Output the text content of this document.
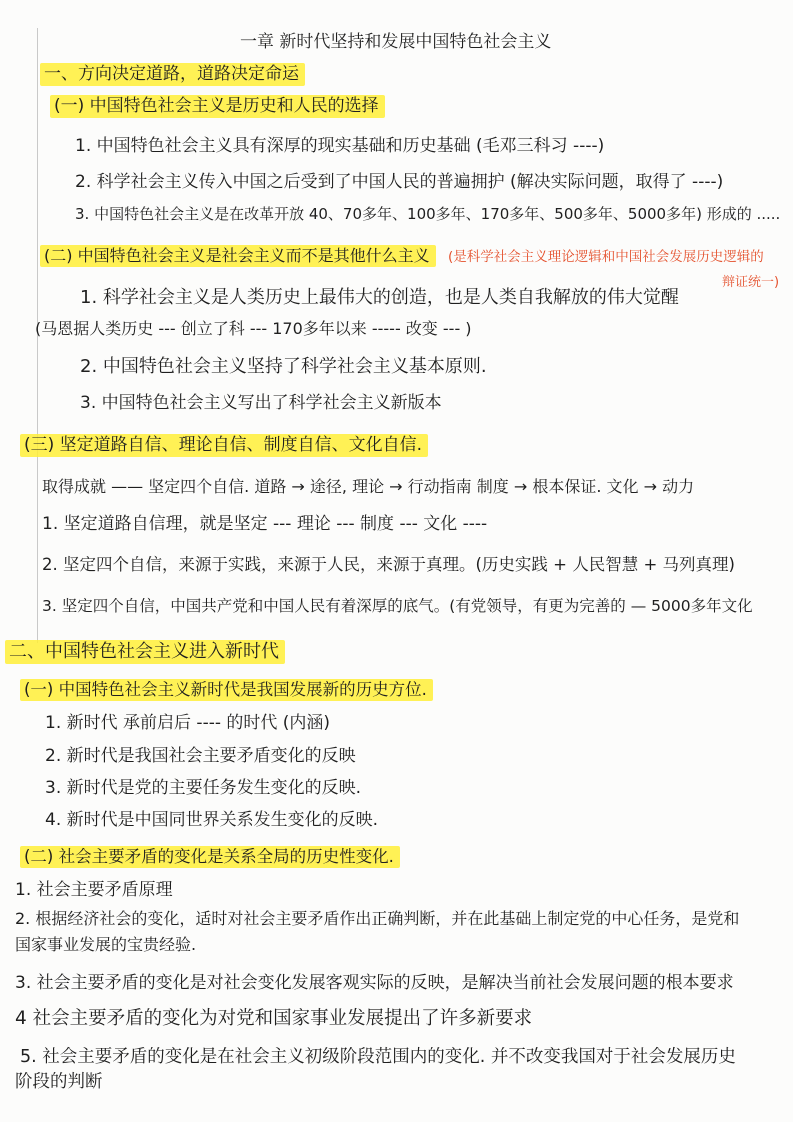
一章 新时代坚持和发展中国特色社会主义
一、方向决定道路，道路决定命运
(一) 中国特色社会主义是历史和人民的选择
1. 中国特色社会主义具有深厚的现实基础和历史基础 (毛邓三科习 ----)
2. 科学社会主义传入中国之后受到了中国人民的普遍拥护 (解决实际问题，取得了 ----)
3. 中国特色社会主义是在改革开放 40、70多年、100多年、170多年、500多年、5000多年) 形成的 .....
(二) 中国特色社会主义是社会主义而不是其他什么主义	(是科学社会主义理论逻辑和中国社会发展历史逻辑的
辩证统一)
1. 科学社会主义是人类历史上最伟大的创造，也是人类自我解放的伟大觉醒
(马恩据人类历史 --- 创立了科 --- 170多年以来 ----- 改变 --- )
2. 中国特色社会主义坚持了科学社会主义基本原则.
3. 中国特色社会主义写出了科学社会主义新版本
(三) 坚定道路自信、理论自信、制度自信、文化自信.
取得成就 —— 坚定四个自信. 道路 → 途径, 理论 → 行动指南 制度 → 根本保证. 文化 → 动力
1. 坚定道路自信理，就是坚定 --- 理论 --- 制度 --- 文化 ----
2. 坚定四个自信，来源于实践，来源于人民，来源于真理。(历史实践 + 人民智慧 + 马列真理)
3. 坚定四个自信，中国共产党和中国人民有着深厚的底气。(有党领导，有更为完善的 — 5000多年文化
二、中国特色社会主义进入新时代
(一) 中国特色社会主义新时代是我国发展新的历史方位.
1. 新时代 承前启后 ---- 的时代 (内涵)
2. 新时代是我国社会主要矛盾变化的反映
3. 新时代是党的主要任务发生变化的反映.
4. 新时代是中国同世界关系发生变化的反映.
(二) 社会主要矛盾的变化是关系全局的历史性变化.
1. 社会主要矛盾原理
2. 根据经济社会的变化，适时对社会主要矛盾作出正确判断，并在此基础上制定党的中心任务，是党和
国家事业发展的宝贵经验.
3. 社会主要矛盾的变化是对社会变化发展客观实际的反映，是解决当前社会发展问题的根本要求
4 社会主要矛盾的变化为对党和国家事业发展提出了许多新要求
5. 社会主要矛盾的变化是在社会主义初级阶段范围内的变化. 并不改变我国对于社会发展历史
阶段的判断
